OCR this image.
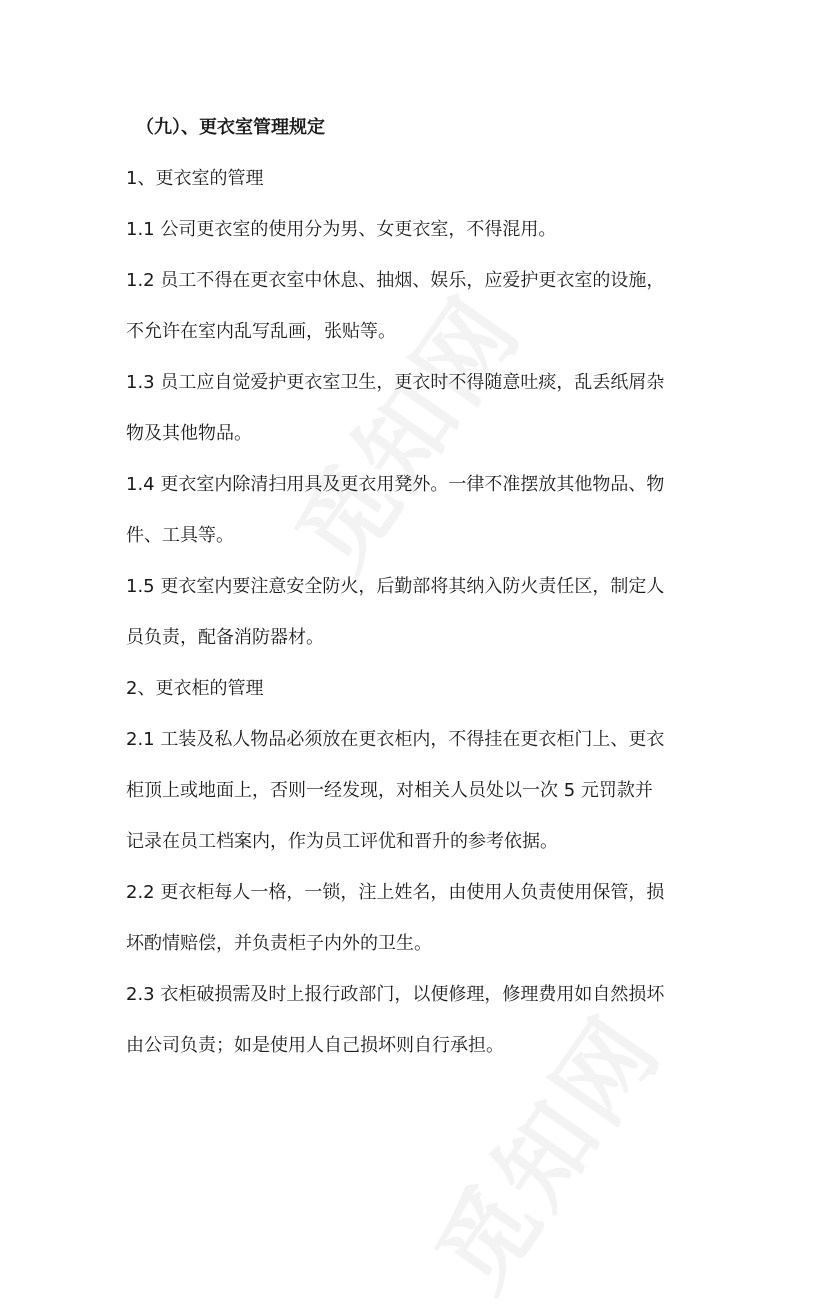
（九）、更衣室管理规定
1、更衣室的管理
1.1 公司更衣室的使用分为男、女更衣室，不得混用。
1.2 员工不得在更衣室中休息、抽烟、娱乐，应爱护更衣室的设施，
不允许在室内乱写乱画，张贴等。
1.3 员工应自觉爱护更衣室卫生，更衣时不得随意吐痰，乱丢纸屑杂
物及其他物品。
1.4 更衣室内除清扫用具及更衣用凳外。一律不准摆放其他物品、物
件、工具等。
1.5 更衣室内要注意安全防火，后勤部将其纳入防火责任区，制定人
员负责，配备消防器材。
2、更衣柜的管理
2.1 工装及私人物品必须放在更衣柜内，不得挂在更衣柜门上、更衣
柜顶上或地面上，否则一经发现，对相关人员处以一次 5 元罚款并
记录在员工档案内，作为员工评优和晋升的参考依据。
2.2 更衣柜每人一格，一锁，注上姓名，由使用人负责使用保管，损
坏酌情赔偿，并负责柜子内外的卫生。
2.3 衣柜破损需及时上报行政部门，以便修理，修理费用如自然损坏
由公司负责；如是使用人自己损坏则自行承担。
